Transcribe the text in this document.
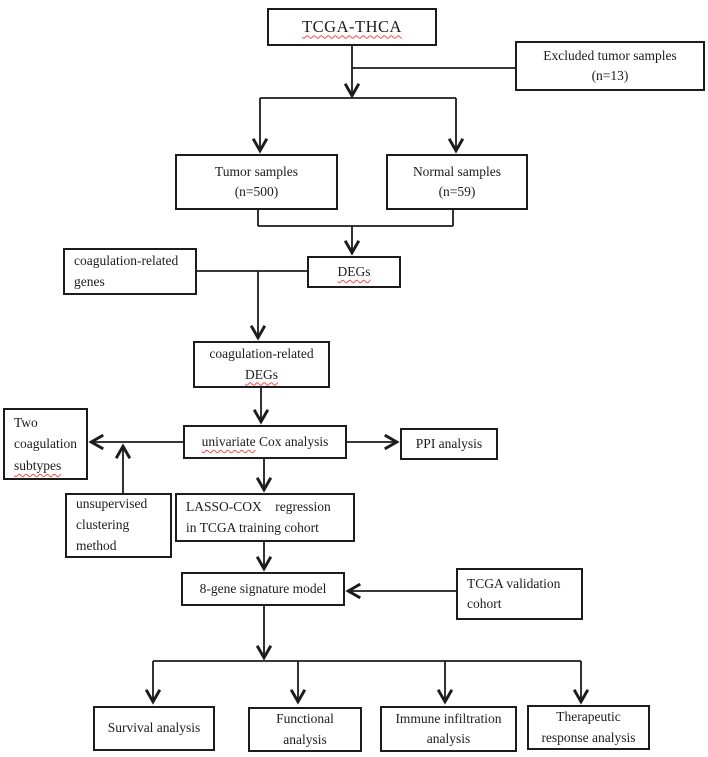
TCGA-THCA
Excluded tumor samples
(n=13)
Tumor samples
(n=500)
Normal samples
(n=59)
coagulation-related
genes
DEGs
coagulation-related
DEGs
Two
coagulation
subtypes
univariate Cox analysis	PPI analysis
unsupervised
clustering
method
LASSO-COX    regression
in TCGA training cohort
8-gene signature model	TCGA validation
cohort
Survival analysis
Functional
analysis
Immune infiltration
analysis
Therapeutic
response analysis
